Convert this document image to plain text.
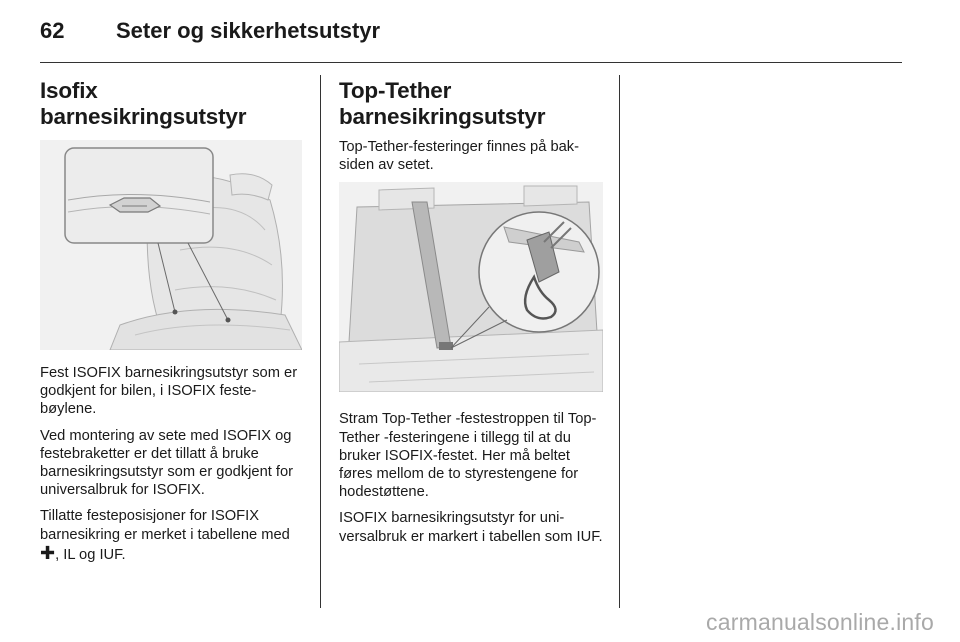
62 Seter og sikkerhetsutstyr
Isofix barnesikringsutstyr

Fest ISOFIX barnesikringsutstyr som er godkjent for bilen, i ISOFIX festebøylene.

Ved montering av sete med ISOFIX og festebraketter er det tillatt å bruke barnesikringsutstyr som er godkjent for universalbruk for ISOFIX.

Tillatte festeposisjoner for ISOFIX barnesikring er merket i tabellene med ✚, IL og IUF.

Top-Tether
barnesikringsutstyr

Top-Tether-festeringer finnes på baksiden av setet.

Stram Top-Tether -festestroppen til Top-Tether -festeringene i tillegg til at du bruker ISOFIX-festet. Her må beltet føres mellom de to styrestengene for hodestøttene.

ISOFIX barnesikringsutstyr for universalbruk er markert i tabellen som IUF.

carmanualsonline.info
